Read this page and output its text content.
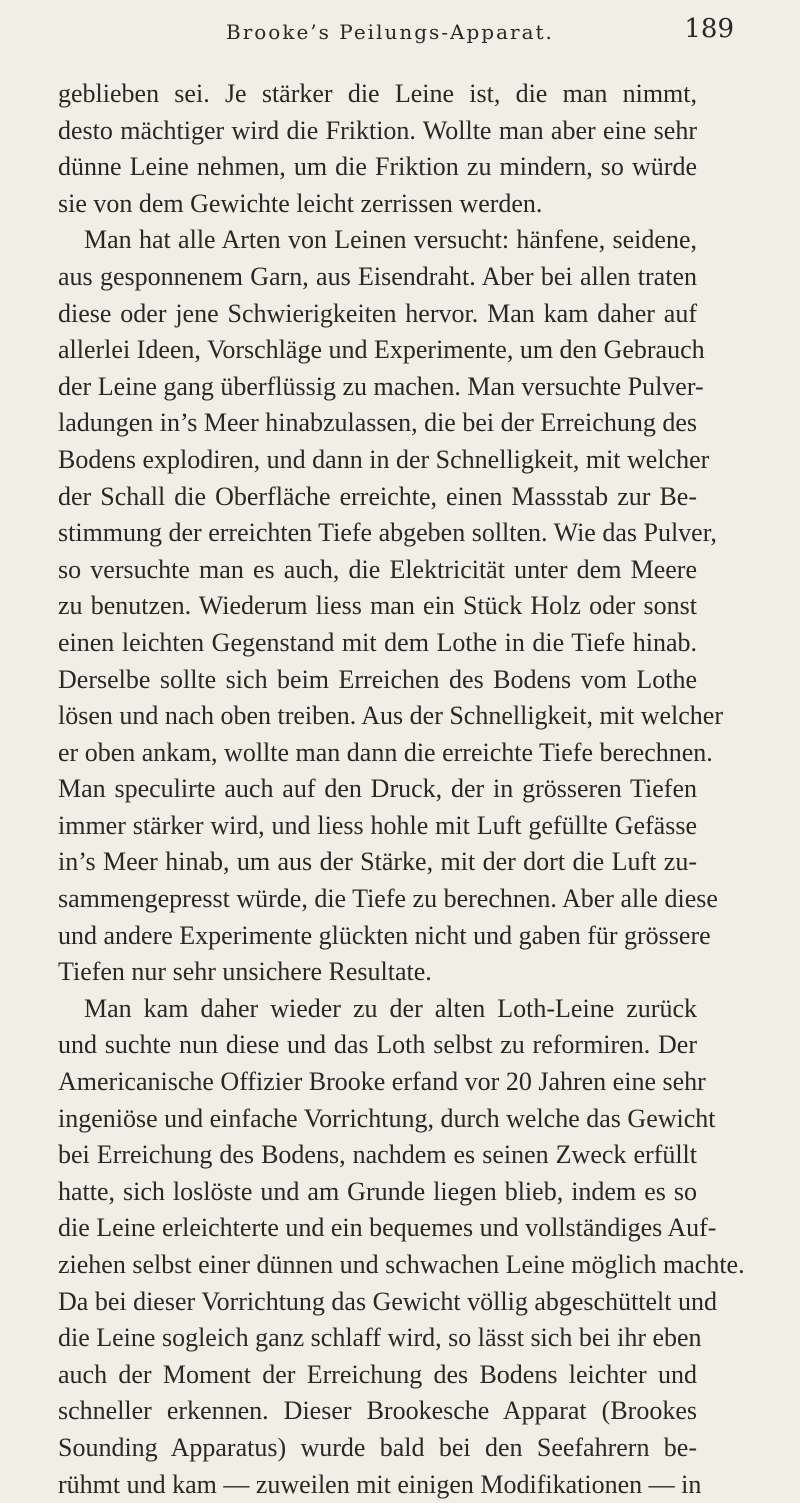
Brooke’s Peilungs-Apparat.	189
geblieben sei. Je stärker die Leine ist, die man nimmt,
desto mächtiger wird die Friktion. Wollte man aber eine sehr
dünne Leine nehmen, um die Friktion zu mindern, so würde
sie von dem Gewichte leicht zerrissen werden.
Man hat alle Arten von Leinen versucht: hänfene, seidene,
aus gesponnenem Garn, aus Eisendraht. Aber bei allen traten
diese oder jene Schwierigkeiten hervor. Man kam daher auf
allerlei Ideen, Vorschläge und Experimente, um den Gebrauch
der Leine gang überflüssig zu machen. Man versuchte Pulver-
ladungen in’s Meer hinabzulassen, die bei der Erreichung des
Bodens explodiren, und dann in der Schnelligkeit, mit welcher
der Schall die Oberfläche erreichte, einen Massstab zur Be-
stimmung der erreichten Tiefe abgeben sollten. Wie das Pulver,
so versuchte man es auch, die Elektricität unter dem Meere
zu benutzen. Wiederum liess man ein Stück Holz oder sonst
einen leichten Gegenstand mit dem Lothe in die Tiefe hinab.
Derselbe sollte sich beim Erreichen des Bodens vom Lothe
lösen und nach oben treiben. Aus der Schnelligkeit, mit welcher
er oben ankam, wollte man dann die erreichte Tiefe berechnen.
Man speculirte auch auf den Druck, der in grösseren Tiefen
immer stärker wird, und liess hohle mit Luft gefüllte Gefässe
in’s Meer hinab, um aus der Stärke, mit der dort die Luft zu-
sammengepresst würde, die Tiefe zu berechnen. Aber alle diese
und andere Experimente glückten nicht und gaben für grössere
Tiefen nur sehr unsichere Resultate.
Man kam daher wieder zu der alten Loth-Leine zurück
und suchte nun diese und das Loth selbst zu reformiren. Der
Americanische Offizier Brooke erfand vor 20 Jahren eine sehr
ingeniöse und einfache Vorrichtung, durch welche das Gewicht
bei Erreichung des Bodens, nachdem es seinen Zweck erfüllt
hatte, sich loslöste und am Grunde liegen blieb, indem es so
die Leine erleichterte und ein bequemes und vollständiges Auf-
ziehen selbst einer dünnen und schwachen Leine möglich machte.
Da bei dieser Vorrichtung das Gewicht völlig abgeschüttelt und
die Leine sogleich ganz schlaff wird, so lässt sich bei ihr eben
auch der Moment der Erreichung des Bodens leichter und
schneller erkennen. Dieser Brookesche Apparat (Brookes
Sounding Apparatus) wurde bald bei den Seefahrern be-
rühmt und kam — zuweilen mit einigen Modifikationen — in
